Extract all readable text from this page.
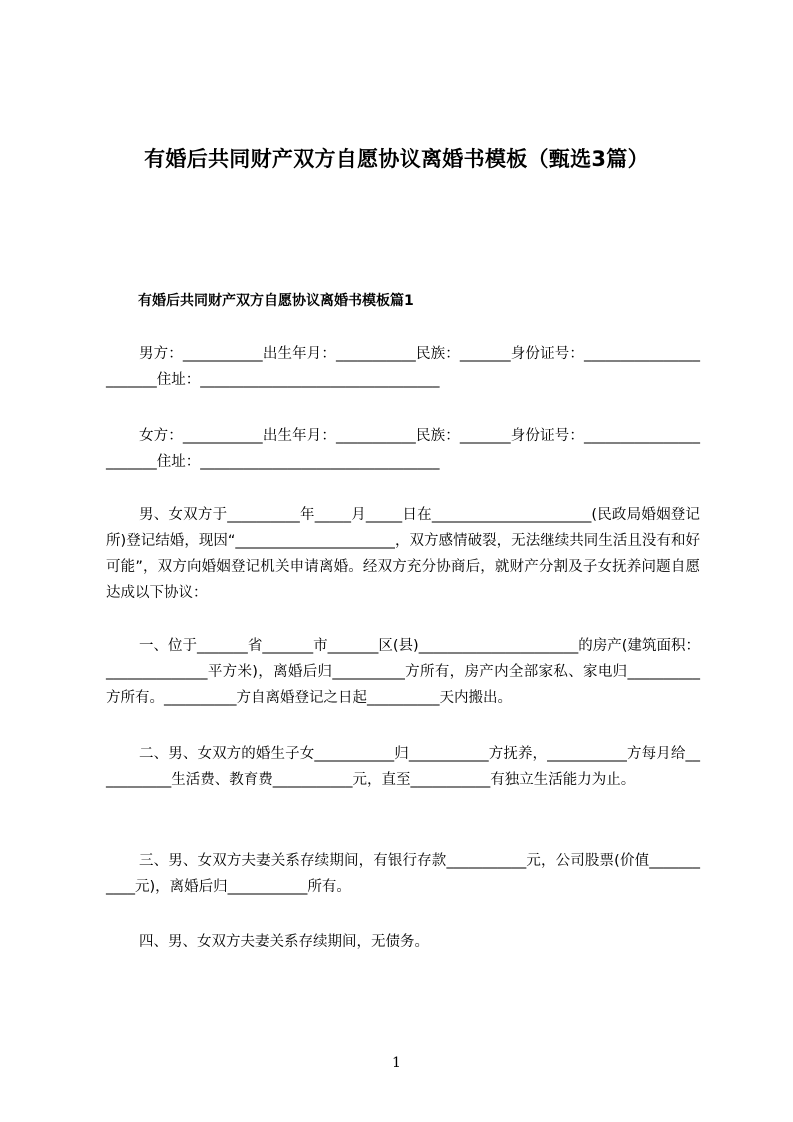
有婚后共同财产双方自愿协议离婚书模板（甄选3篇）
有婚后共同财产双方自愿协议离婚书模板篇1
男方：___________出生年月：___________民族：_______身份证号：_______________________住址：_________________________________
女方：___________出生年月：___________民族：_______身份证号：_______________________住址：_________________________________
男、女双方于__________年_____月_____日在______________________(民政局婚姻登记所)登记结婚，现因“______________________，双方感情破裂，无法继续共同生活且没有和好可能”，双方向婚姻登记机关申请离婚。经双方充分协商后，就财产分割及子女抚养问题自愿达成以下协议：
一、位于_______省_______市_______区(县)______________________的房产(建筑面积：______________平方米)，离婚后归__________方所有，房产内全部家私、家电归__________方所有。__________方自离婚登记之日起__________天内搬出。
二、男、女双方的婚生子女___________归___________方抚养，___________方每月给___________生活费、教育费___________元，直至___________有独立生活能力为止。
三、男、女双方夫妻关系存续期间，有银行存款___________元，公司股票(价值___________元)，离婚后归___________所有。
四、男、女双方夫妻关系存续期间，无债务。
1
